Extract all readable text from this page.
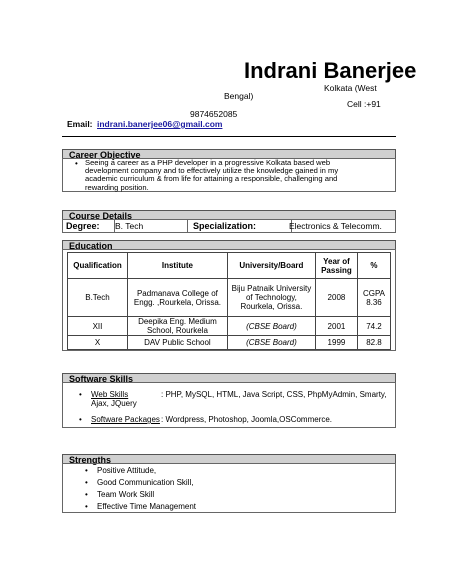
Indrani Banerjee
Kolkata (West
Bengal)
Cell :+91
9874652085
Email: indrani.banerjee06@gmail.com
Career Objective
• Seeing a career as a PHP developer in a progressive Kolkata based web
development company and to effectively utilize the knowledge gained in my
academic curriculum & from life for attaining a responsible, challenging and
rewarding position.
Course Details
Degree:	B. Tech	Specialization:	Electronics & Telecomm.
Education
Qualification	Institute	University/Board	Year of Passing	%
B.Tech	Padmanava College of Engg. ,Rourkela, Orissa.	Biju Patnaik University of Technology, Rourkela, Orissa.	2008	CGPA 8.36
XII	Deepika Eng. Medium School, Rourkela	(CBSE Board)	2001	74.2
X	DAV Public School	(CBSE Board)	1999	82.8
Software Skills
• Web Skills	: PHP, MySQL, HTML, Java Script, CSS, PhpMyAdmin, Smarty,
Ajax, JQuery
• Software Packages : Wordpress, Photoshop, Joomla,OSCommerce.
Strengths
• Positive Attitude,
• Good Communication Skill,
• Team Work Skill
• Effective Time Management
